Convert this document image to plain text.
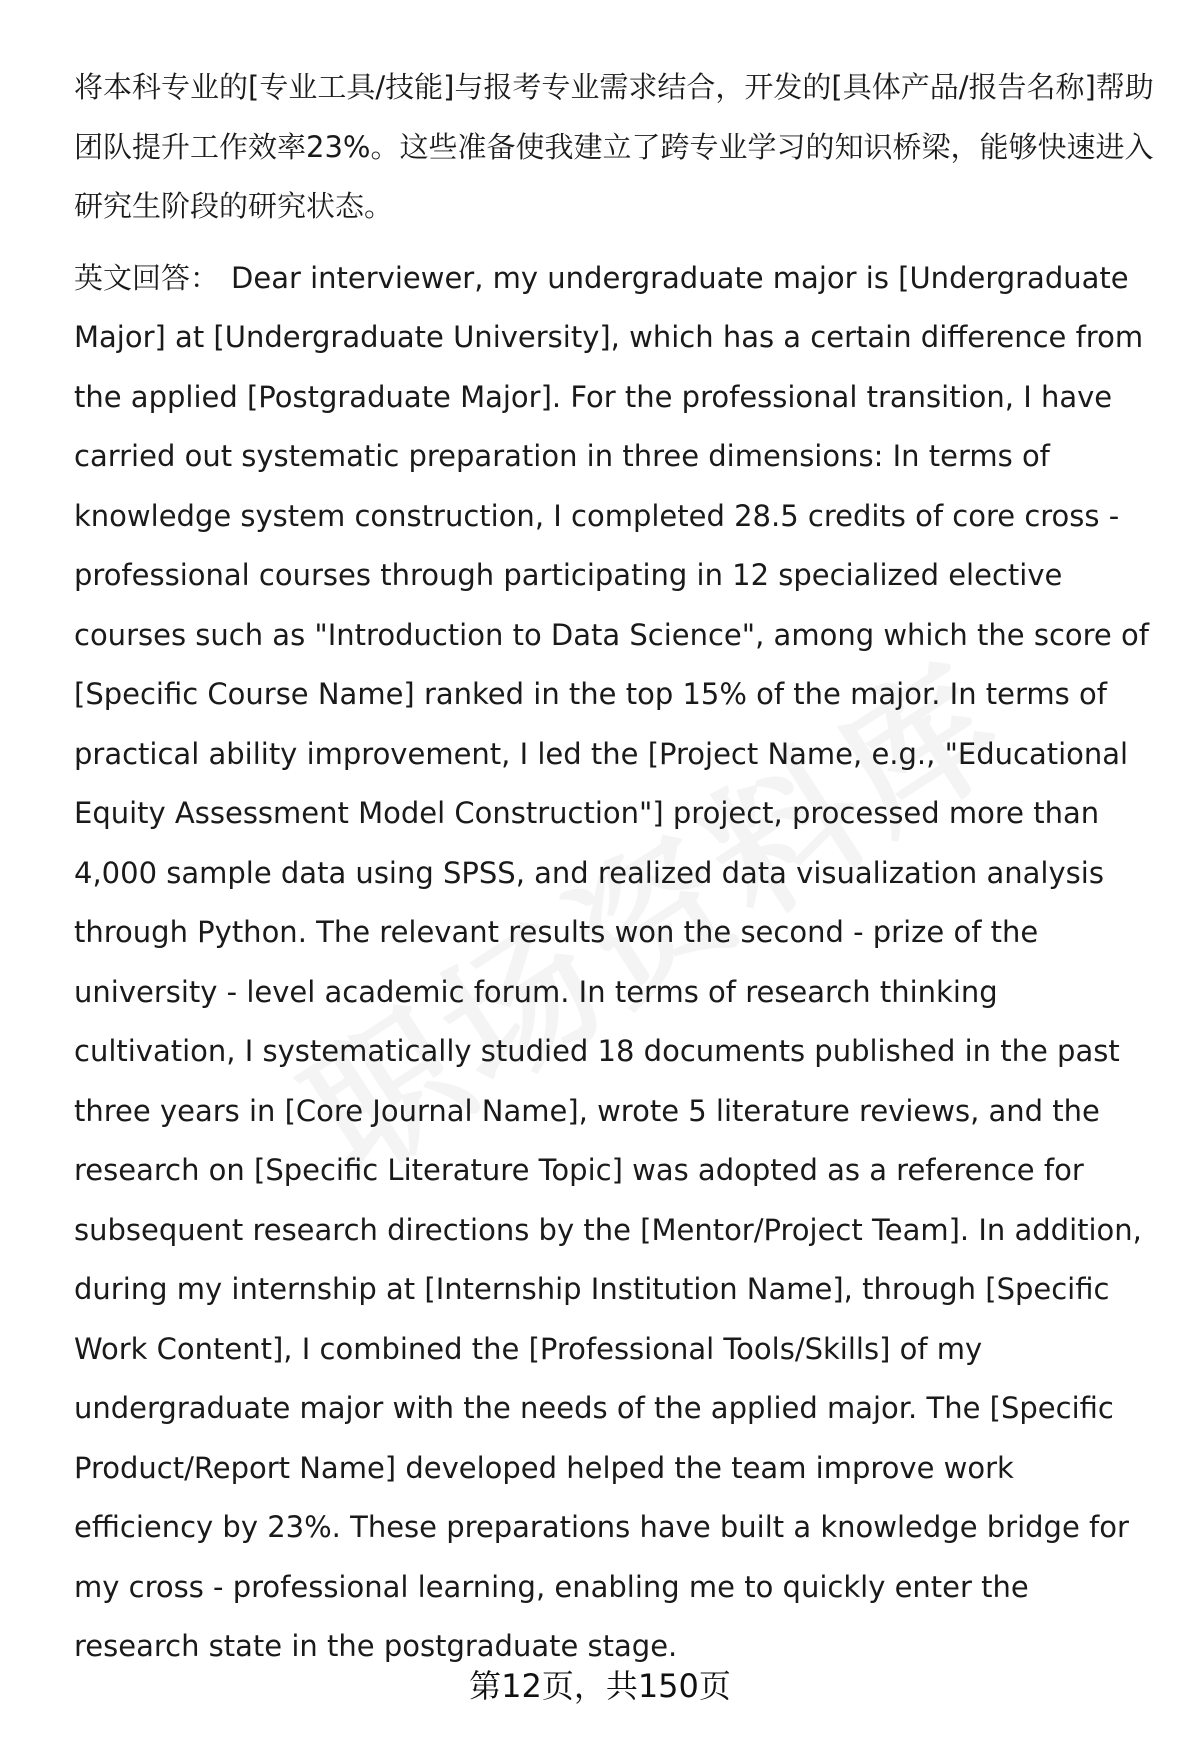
将本科专业的[专业工具/技能]与报考专业需求结合，开发的[具体产品/报告名称]帮助团队提升工作效率23%。这些准备使我建立了跨专业学习的知识桥梁，能够快速进入研究生阶段的研究状态。

英文回答： Dear interviewer, my undergraduate major is [Undergraduate Major] at [Undergraduate University], which has a certain difference from the applied [Postgraduate Major]. For the professional transition, I have carried out systematic preparation in three dimensions: In terms of knowledge system construction, I completed 28.5 credits of core cross - professional courses through participating in 12 specialized elective courses such as "Introduction to Data Science", among which the score of [Specific Course Name] ranked in the top 15% of the major. In terms of practical ability improvement, I led the [Project Name, e.g., "Educational Equity Assessment Model Construction"] project, processed more than 4,000 sample data using SPSS, and realized data visualization analysis through Python. The relevant results won the second - prize of the university - level academic forum. In terms of research thinking cultivation, I systematically studied 18 documents published in the past three years in [Core Journal Name], wrote 5 literature reviews, and the research on [Specific Literature Topic] was adopted as a reference for subsequent research directions by the [Mentor/Project Team]. In addition, during my internship at [Internship Institution Name], through [Specific Work Content], I combined the [Professional Tools/Skills] of my undergraduate major with the needs of the applied major. The [Specific Product/Report Name] developed helped the team improve work efficiency by 23%. These preparations have built a knowledge bridge for my cross - professional learning, enabling me to quickly enter the research state in the postgraduate stage.

第12页，共150页
